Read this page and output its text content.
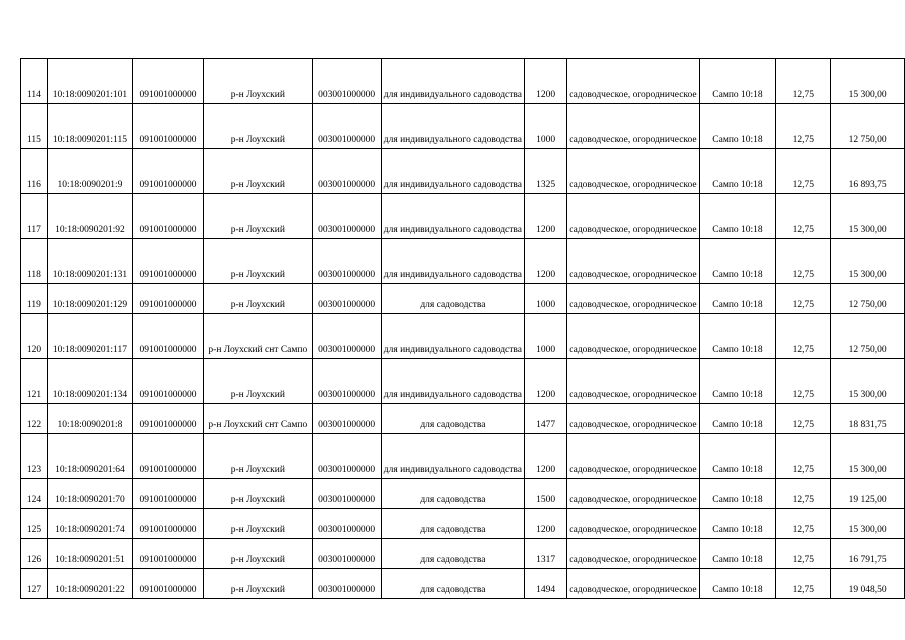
114	10:18:0090201:101	091001000000	р-н Лоухский	003001000000	для индивидуального садоводства	1200	садоводческое, огородническое	Сампо 10:18	12,75	15 300,00
115	10:18:0090201:115	091001000000	р-н Лоухский	003001000000	для индивидуального садоводства	1000	садоводческое, огородническое	Сампо 10:18	12,75	12 750,00
116	10:18:0090201:9	091001000000	р-н Лоухский	003001000000	для индивидуального садоводства	1325	садоводческое, огородническое	Сампо 10:18	12,75	16 893,75
117	10:18:0090201:92	091001000000	р-н Лоухский	003001000000	для индивидуального садоводства	1200	садоводческое, огородническое	Сампо 10:18	12,75	15 300,00
118	10:18:0090201:131	091001000000	р-н Лоухский	003001000000	для индивидуального садоводства	1200	садоводческое, огородническое	Сампо 10:18	12,75	15 300,00
119	10:18:0090201:129	091001000000	р-н Лоухский	003001000000	для садоводства	1000	садоводческое, огородническое	Сампо 10:18	12,75	12 750,00
120	10:18:0090201:117	091001000000	р-н Лоухский снт Сампо	003001000000	для индивидуального садоводства	1000	садоводческое, огородническое	Сампо 10:18	12,75	12 750,00
121	10:18:0090201:134	091001000000	р-н Лоухский	003001000000	для индивидуального садоводства	1200	садоводческое, огородническое	Сампо 10:18	12,75	15 300,00
122	10:18:0090201:8	091001000000	р-н Лоухский снт Сампо	003001000000	для садоводства	1477	садоводческое, огородническое	Сампо 10:18	12,75	18 831,75
123	10:18:0090201:64	091001000000	р-н Лоухский	003001000000	для индивидуального садоводства	1200	садоводческое, огородническое	Сампо 10:18	12,75	15 300,00
124	10:18:0090201:70	091001000000	р-н Лоухский	003001000000	для садоводства	1500	садоводческое, огородническое	Сампо 10:18	12,75	19 125,00
125	10:18:0090201:74	091001000000	р-н Лоухский	003001000000	для садоводства	1200	садоводческое, огородническое	Сампо 10:18	12,75	15 300,00
126	10:18:0090201:51	091001000000	р-н Лоухский	003001000000	для садоводства	1317	садоводческое, огородническое	Сампо 10:18	12,75	16 791,75
127	10:18:0090201:22	091001000000	р-н Лоухский	003001000000	для садоводства	1494	садоводческое, огородническое	Сампо 10:18	12,75	19 048,50
